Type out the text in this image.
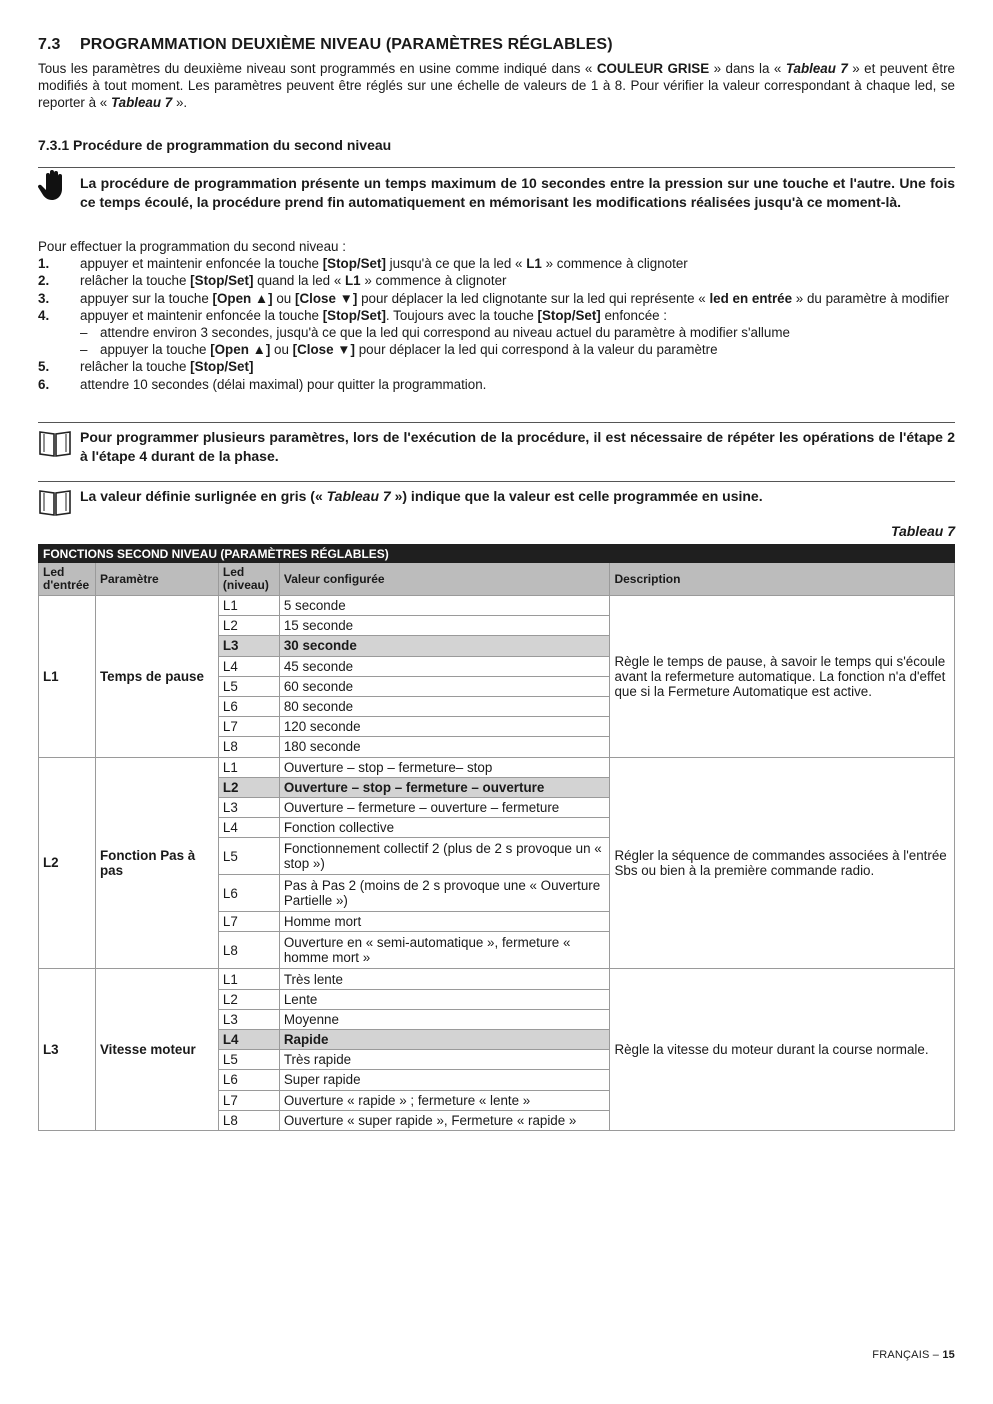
7.3 PROGRAMMATION DEUXIÈME NIVEAU (PARAMÈTRES RÉGLABLES)
Tous les paramètres du deuxième niveau sont programmés en usine comme indiqué dans « COULEUR GRISE » dans la « Tableau 7 » et peuvent être modifiés à tout moment. Les paramètres peuvent être réglés sur une échelle de valeurs de 1 à 8. Pour vérifier la valeur correspondant à chaque led, se reporter à « Tableau 7 ».
7.3.1 Procédure de programmation du second niveau
La procédure de programmation présente un temps maximum de 10 secondes entre la pression sur une touche et l'autre. Une fois ce temps écoulé, la procédure prend fin automatiquement en mémorisant les modifications réalisées jusqu'à ce moment-là.
Pour effectuer la programmation du second niveau :
1. appuyer et maintenir enfoncée la touche [Stop/Set] jusqu'à ce que la led « L1 » commence à clignoter
2. relâcher la touche [Stop/Set] quand la led « L1 » commence à clignoter
3. appuyer sur la touche [Open ▲] ou [Close ▼] pour déplacer la led clignotante sur la led qui représente « led en entrée » du paramètre à modifier
4. appuyer et maintenir enfoncée la touche [Stop/Set]. Toujours avec la touche [Stop/Set] enfoncée :
– attendre environ 3 secondes, jusqu'à ce que la led qui correspond au niveau actuel du paramètre à modifier s'allume
– appuyer la touche [Open ▲] ou [Close ▼] pour déplacer la led qui correspond à la valeur du paramètre
5. relâcher la touche [Stop/Set]
6. attendre 10 secondes (délai maximal) pour quitter la programmation.
Pour programmer plusieurs paramètres, lors de l'exécution de la procédure, il est nécessaire de répéter les opérations de l'étape 2 à l'étape 4 durant de la phase.
La valeur définie surlignée en gris (« Tableau 7 ») indique que la valeur est celle programmée en usine.
Tableau 7
FONCTIONS SECOND NIVEAU (PARAMÈTRES RÉGLABLES)				
Led d'entrée	Paramètre	Led (niveau)	Valeur configurée	Description
L1	Temps de pause	L1	5 seconde	Règle le temps de pause, à savoir le temps qui s'écoule avant la refermeture automatique. La fonction n'a d'effet que si la Fermeture Automatique est active.
		L2	15 seconde	
		L3	30 seconde	
		L4	45 seconde	
		L5	60 seconde	
		L6	80 seconde	
		L7	120 seconde	
		L8	180 seconde	
L2	Fonction Pas à pas	L1	Ouverture – stop – fermeture– stop	Régler la séquence de commandes associées à l'entrée Sbs ou bien à la première commande radio.
		L2	Ouverture – stop – fermeture – ouverture	
		L3	Ouverture – fermeture – ouverture – fermeture	
		L4	Fonction collective	
		L5	Fonctionnement collectif 2 (plus de 2 s provoque un « stop »)	
		L6	Pas à Pas 2 (moins de 2 s provoque une « Ouverture Partielle »)	
		L7	Homme mort	
		L8	Ouverture en « semi-automatique », fermeture « homme mort »	
L3	Vitesse moteur	L1	Très lente	Règle la vitesse du moteur durant la course normale.
		L2	Lente	
		L3	Moyenne	
		L4	Rapide	
		L5	Très rapide	
		L6	Super rapide	
		L7	Ouverture « rapide » ; fermeture « lente »	
		L8	Ouverture « super rapide », Fermeture « rapide »	
FRANÇAIS – 15
